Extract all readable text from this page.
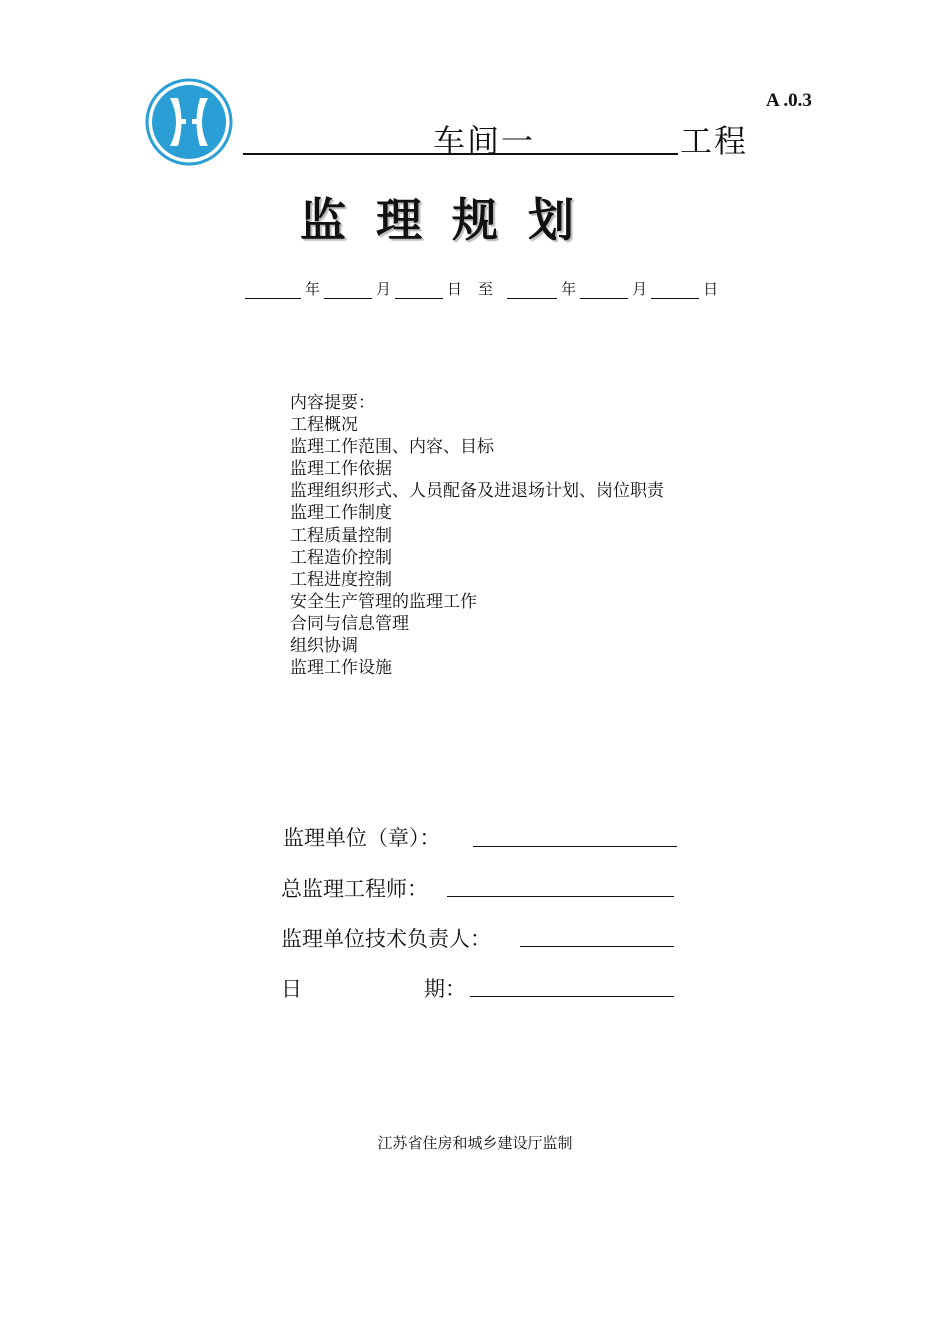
A .0.3
车间一	工程
监理规划
年	月	日 至	年	月	日
内容提要：
工程概况
监理工作范围、内容、目标
监理工作依据
监理组织形式、人员配备及进退场计划、岗位职责
监理工作制度
工程质量控制
工程造价控制
工程进度控制
安全生产管理的监理工作
合同与信息管理
组织协调
监理工作设施
监理单位（章）：
总监理工程师：
监理单位技术负责人：
日	期：
江苏省住房和城乡建设厅监制
